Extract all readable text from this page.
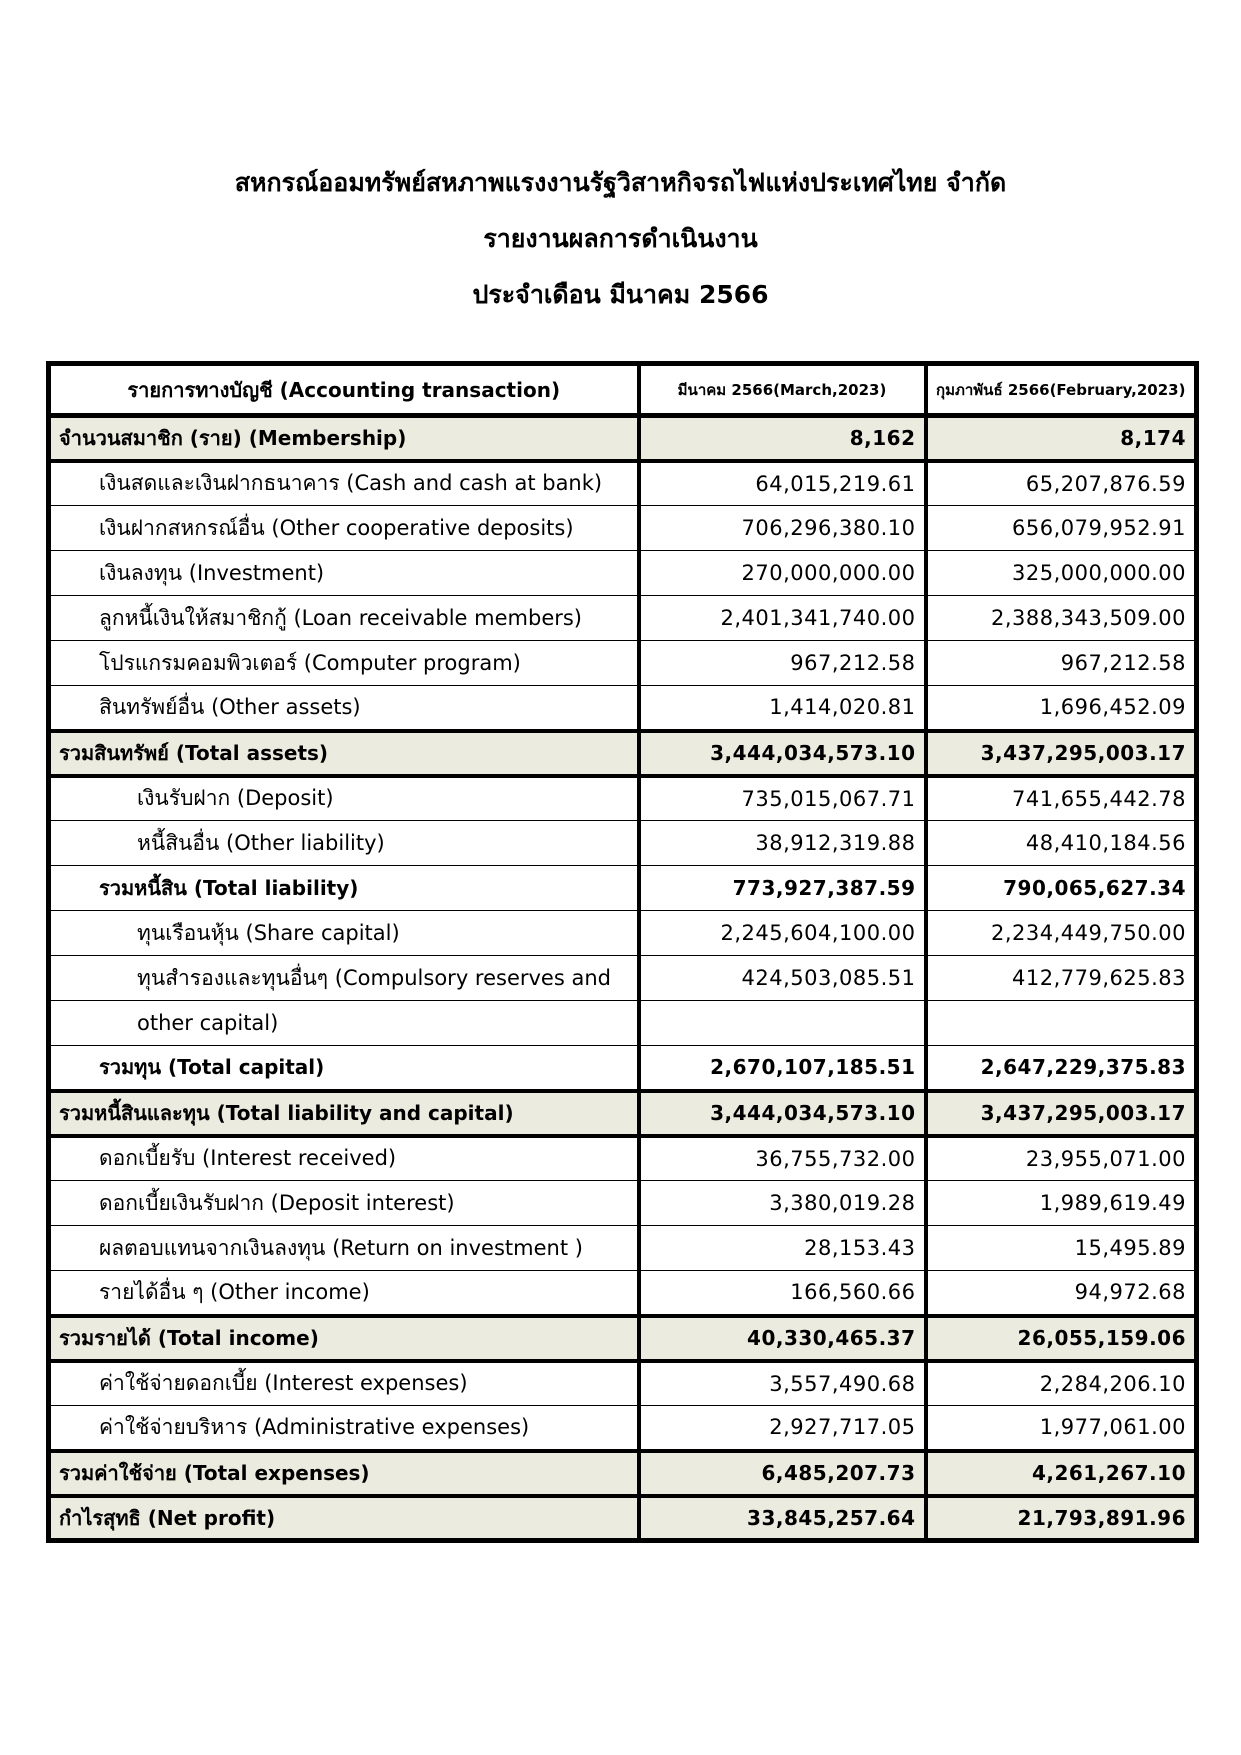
สหกรณ์ออมทรัพย์สหภาพแรงงานรัฐวิสาหกิจรถไฟแห่งประเทศไทย จำกัด
รายงานผลการดำเนินงาน
ประจำเดือน มีนาคม 2566
รายการทางบัญชี (Accounting transaction)	มีนาคม 2566(March,2023)	กุมภาพันธ์ 2566(February,2023)
จำนวนสมาชิก (ราย) (Membership)	8,162	8,174
เงินสดและเงินฝากธนาคาร (Cash and cash at bank)	64,015,219.61	65,207,876.59
เงินฝากสหกรณ์อื่น (Other cooperative deposits)	706,296,380.10	656,079,952.91
เงินลงทุน (Investment)	270,000,000.00	325,000,000.00
ลูกหนี้เงินให้สมาชิกกู้ (Loan receivable members)	2,401,341,740.00	2,388,343,509.00
โปรแกรมคอมพิวเตอร์ (Computer program)	967,212.58	967,212.58
สินทรัพย์อื่น (Other assets)	1,414,020.81	1,696,452.09
รวมสินทรัพย์ (Total assets)	3,444,034,573.10	3,437,295,003.17
เงินรับฝาก (Deposit)	735,015,067.71	741,655,442.78
หนี้สินอื่น (Other liability)	38,912,319.88	48,410,184.56
รวมหนี้สิน (Total liability)	773,927,387.59	790,065,627.34
ทุนเรือนหุ้น (Share capital)	2,245,604,100.00	2,234,449,750.00
ทุนสำรองและทุนอื่นๆ (Compulsory reserves and	424,503,085.51	412,779,625.83
other capital)		
รวมทุน (Total capital)	2,670,107,185.51	2,647,229,375.83
รวมหนี้สินและทุน (Total liability and capital)	3,444,034,573.10	3,437,295,003.17
ดอกเบี้ยรับ (Interest received)	36,755,732.00	23,955,071.00
ดอกเบี้ยเงินรับฝาก (Deposit interest)	3,380,019.28	1,989,619.49
ผลตอบแทนจากเงินลงทุน (Return on investment )	28,153.43	15,495.89
รายได้อื่น ๆ (Other income)	166,560.66	94,972.68
รวมรายได้ (Total income)	40,330,465.37	26,055,159.06
ค่าใช้จ่ายดอกเบี้ย (Interest expenses)	3,557,490.68	2,284,206.10
ค่าใช้จ่ายบริหาร (Administrative expenses)	2,927,717.05	1,977,061.00
รวมค่าใช้จ่าย (Total expenses)	6,485,207.73	4,261,267.10
กำไรสุทธิ (Net profit)	33,845,257.64	21,793,891.96
